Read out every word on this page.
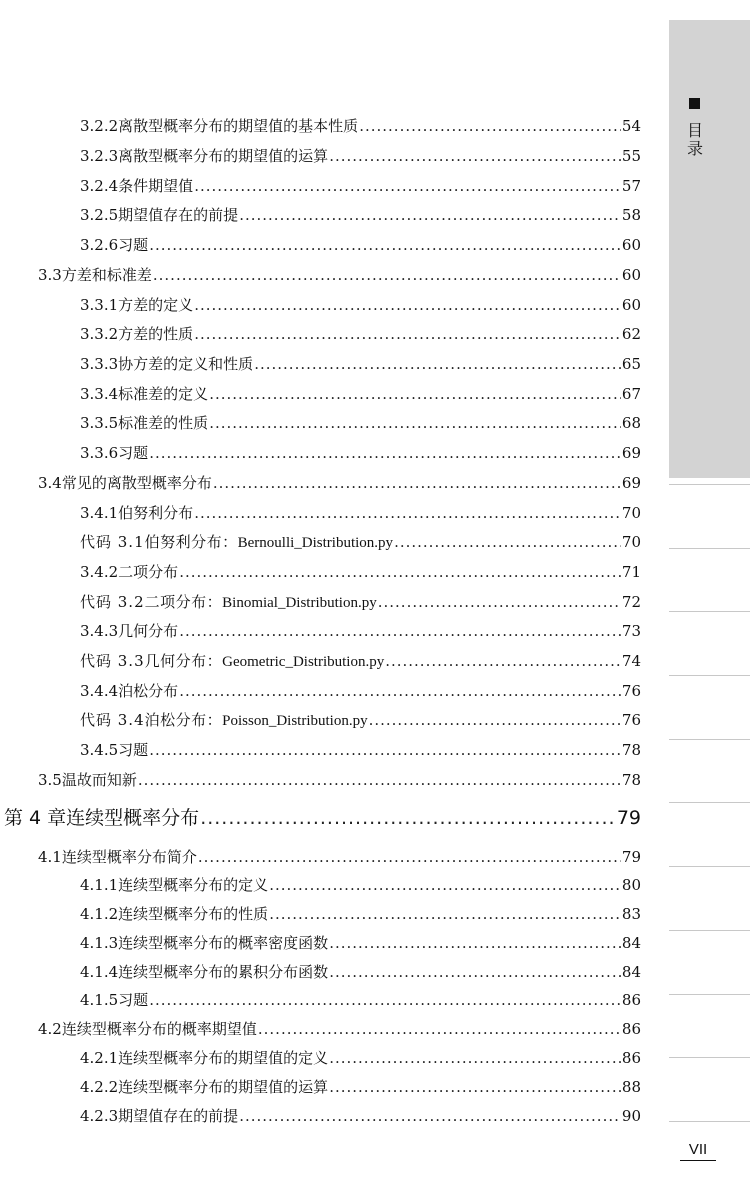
目录
3.2.2 离散型概率分布的期望值的基本性质 .....	54
3.2.3 离散型概率分布的期望值的运算 .....	55
3.2.4 条件期望值 .....	57
3.2.5 期望值存在的前提 .....	58
3.2.6 习题 .....	60
3.3 方差和标准差 .....	60
3.3.1 方差的定义 .....	60
3.3.2 方差的性质 .....	62
3.3.3 协方差的定义和性质 .....	65
3.3.4 标准差的定义 .....	67
3.3.5 标准差的性质 .....	68
3.3.6 习题 .....	69
3.4 常见的离散型概率分布 .....	69
3.4.1 伯努利分布 .....	70
代码 3.1 伯努利分布： Bernoulli_Distribution.py .....	70
3.4.2 二项分布 .....	71
代码 3.2 二项分布： Binomial_Distribution.py .....	72
3.4.3 几何分布 .....	73
代码 3.3 几何分布： Geometric_Distribution.py .....	74
3.4.4 泊松分布 .....	76
代码 3.4 泊松分布： Poisson_Distribution.py .....	76
3.4.5 习题 .....	78
3.5 温故而知新 .....	78
第 4 章 连续型概率分布 .....	79
4.1 连续型概率分布简介 .....	79
4.1.1 连续型概率分布的定义 .....	80
4.1.2 连续型概率分布的性质 .....	83
4.1.3 连续型概率分布的概率密度函数 .....	84
4.1.4 连续型概率分布的累积分布函数 .....	84
4.1.5 习题 .....	86
4.2 连续型概率分布的概率期望值 .....	86
4.2.1 连续型概率分布的期望值的定义 .....	86
4.2.2 连续型概率分布的期望值的运算 .....	88
4.2.3 期望值存在的前提 .....	90
VII
